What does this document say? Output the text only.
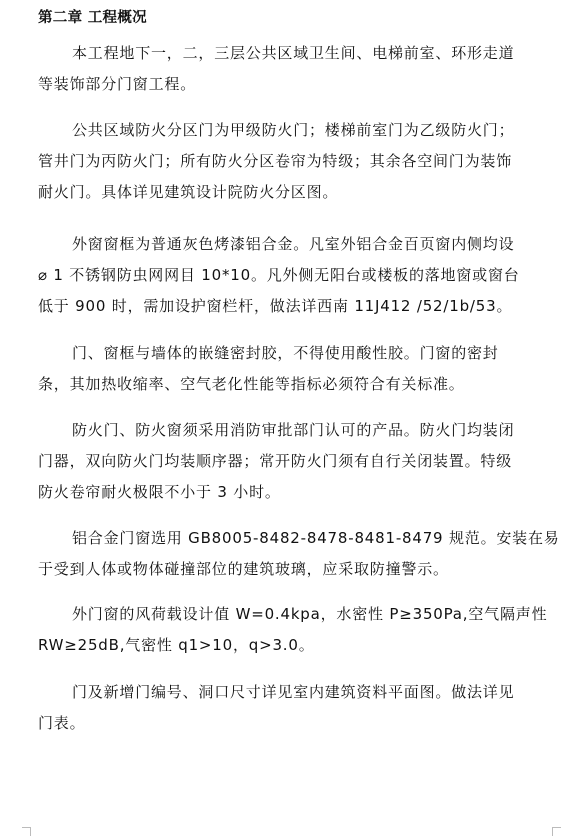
第二章 工程概况
本工程地下一，二，三层公共区域卫生间、电梯前室、环形走道
等装饰部分门窗工程。
公共区域防火分区门为甲级防火门；楼梯前室门为乙级防火门；
管井门为丙防火门；所有防火分区卷帘为特级；其余各空间门为装饰
耐火门。具体详见建筑设计院防火分区图。
外窗窗框为普通灰色烤漆铝合金。凡室外铝合金百页窗内侧均设
⌀ 1 不锈钢防虫网网目 10*10。凡外侧无阳台或楼板的落地窗或窗台
低于 900 时，需加设护窗栏杆，做法详西南 11J412 /52/1b/53。
门、窗框与墙体的嵌缝密封胶，不得使用酸性胶。门窗的密封
条，其加热收缩率、空气老化性能等指标必须符合有关标准。
防火门、防火窗须采用消防审批部门认可的产品。防火门均装闭
门器，双向防火门均装顺序器；常开防火门须有自行关闭装置。特级
防火卷帘耐火极限不小于 3 小时。
铝合金门窗选用 GB8005-8482-8478-8481-8479 规范。安装在易
于受到人体或物体碰撞部位的建筑玻璃，应采取防撞警示。
外门窗的风荷载设计值 W=0.4kpa，水密性 P≥350Pa,空气隔声性
RW≥25dB,气密性 q1>10，q>3.0。
门及新增门编号、洞口尺寸详见室内建筑资料平面图。做法详见
门表。
